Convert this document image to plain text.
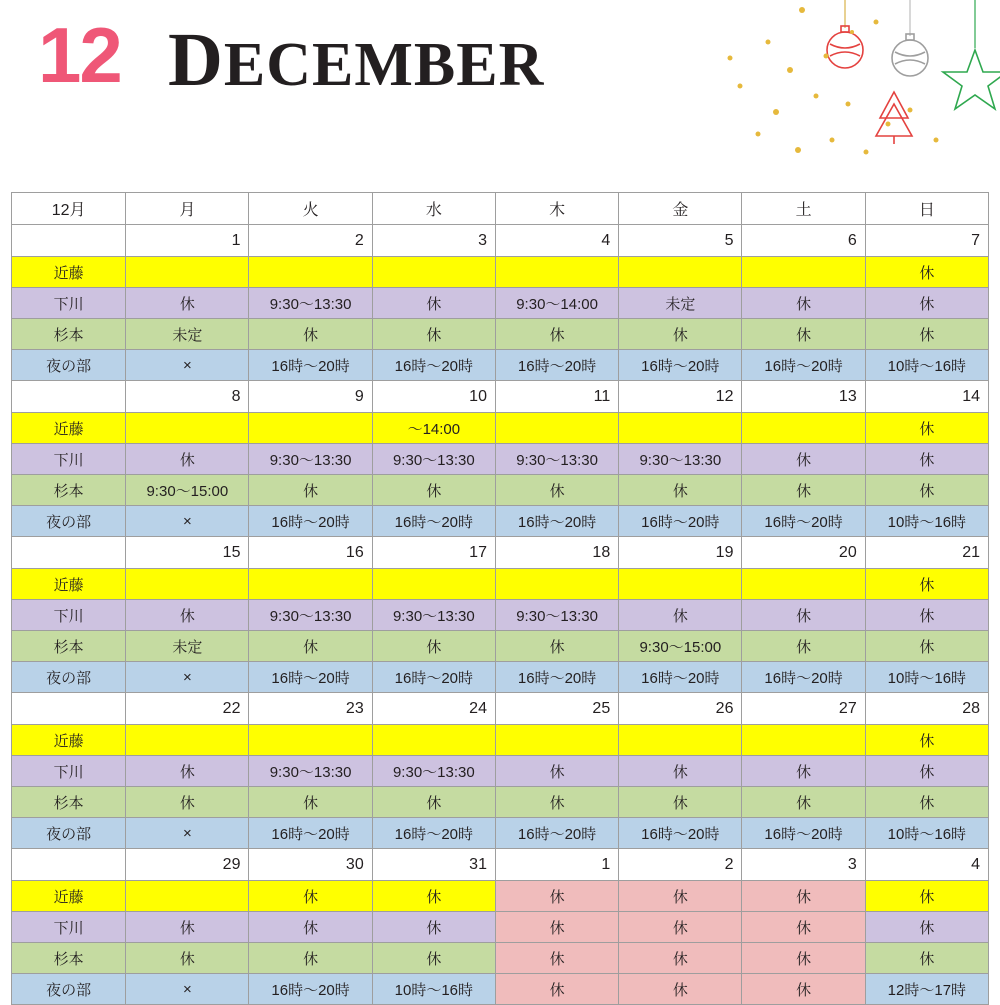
12 DECEMBER
12月	月	火	水	木	金	土	日
	1	2	3	4	5	6	7
近藤							休
下川	休	9:30〜13:30	休	9:30〜14:00	未定	休	休
杉本	未定	休	休	休	休	休	休
夜の部	×	16時〜20時	16時〜20時	16時〜20時	16時〜20時	16時〜20時	10時〜16時
	8	9	10	11	12	13	14
近藤			〜14:00				休
下川	休	9:30〜13:30	9:30〜13:30	9:30〜13:30	9:30〜13:30	休	休
杉本	9:30〜15:00	休	休	休	休	休	休
夜の部	×	16時〜20時	16時〜20時	16時〜20時	16時〜20時	16時〜20時	10時〜16時
	15	16	17	18	19	20	21
近藤							休
下川	休	9:30〜13:30	9:30〜13:30	9:30〜13:30	休	休	休
杉本	未定	休	休	休	9:30〜15:00	休	休
夜の部	×	16時〜20時	16時〜20時	16時〜20時	16時〜20時	16時〜20時	10時〜16時
	22	23	24	25	26	27	28
近藤							休
下川	休	9:30〜13:30	9:30〜13:30	休	休	休	休
杉本	休	休	休	休	休	休	休
夜の部	×	16時〜20時	16時〜20時	16時〜20時	16時〜20時	16時〜20時	10時〜16時
	29	30	31	1	2	3	4
近藤		休	休	休	休	休	休
下川	休	休	休	休	休	休	休
杉本	休	休	休	休	休	休	休
夜の部	×	16時〜20時	10時〜16時	休	休	休	12時〜17時
